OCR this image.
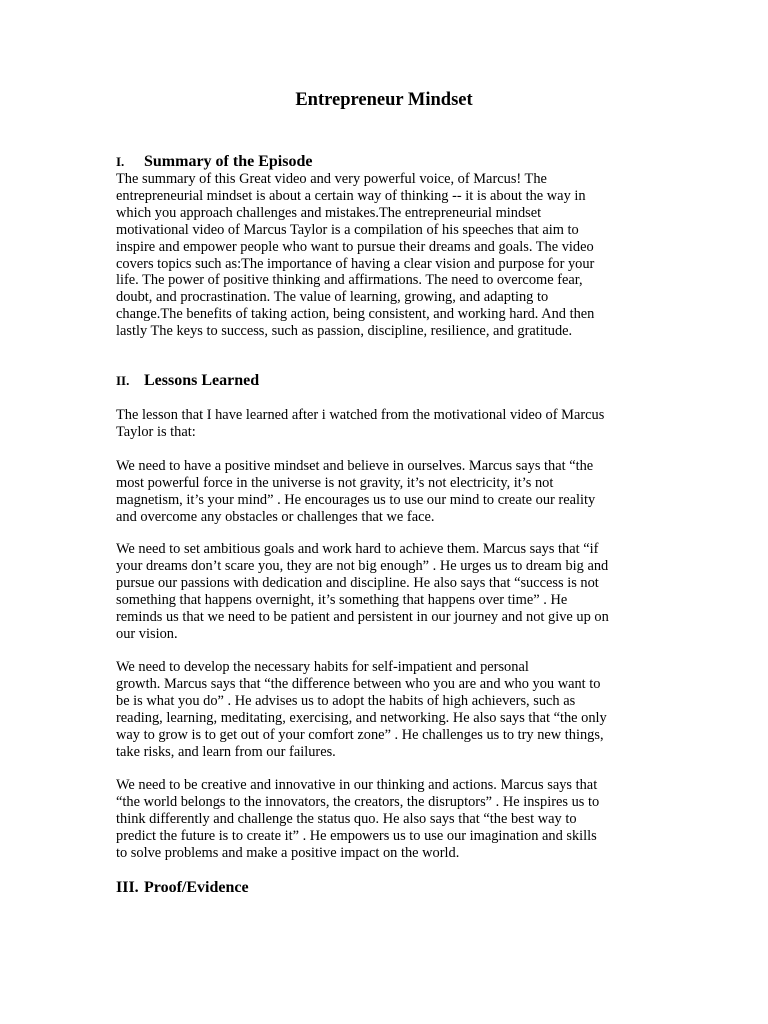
Entrepreneur Mindset
I. Summary of the Episode
The summary of this Great video and very powerful voice, of Marcus! The
entrepreneurial mindset is about a certain way of thinking -- it is about the way in
which you approach challenges and mistakes.The entrepreneurial mindset
motivational video of Marcus Taylor is a compilation of his speeches that aim to
inspire and empower people who want to pursue their dreams and goals. The video
covers topics such as:The importance of having a clear vision and purpose for your
life. The power of positive thinking and affirmations. The need to overcome fear,
doubt, and procrastination. The value of learning, growing, and adapting to
change.The benefits of taking action, being consistent, and working hard. And then
lastly The keys to success, such as passion, discipline, resilience, and gratitude.
II. Lessons Learned
The lesson that I have learned after i watched from the motivational video of Marcus
Taylor is that:
We need to have a positive mindset and believe in ourselves. Marcus says that “the
most powerful force in the universe is not gravity, it’s not electricity, it’s not
magnetism, it’s your mind” . He encourages us to use our mind to create our reality
and overcome any obstacles or challenges that we face.
We need to set ambitious goals and work hard to achieve them. Marcus says that “if
your dreams don’t scare you, they are not big enough” . He urges us to dream big and
pursue our passions with dedication and discipline. He also says that “success is not
something that happens overnight, it’s something that happens over time” . He
reminds us that we need to be patient and persistent in our journey and not give up on
our vision.
We need to develop the necessary habits for self-impatient and personal
growth. Marcus says that “the difference between who you are and who you want to
be is what you do” . He advises us to adopt the habits of high achievers, such as
reading, learning, meditating, exercising, and networking. He also says that “the only
way to grow is to get out of your comfort zone” . He challenges us to try new things,
take risks, and learn from our failures.
We need to be creative and innovative in our thinking and actions. Marcus says that
“the world belongs to the innovators, the creators, the disruptors” . He inspires us to
think differently and challenge the status quo. He also says that “the best way to
predict the future is to create it” . He empowers us to use our imagination and skills
to solve problems and make a positive impact on the world.
III. Proof/Evidence
